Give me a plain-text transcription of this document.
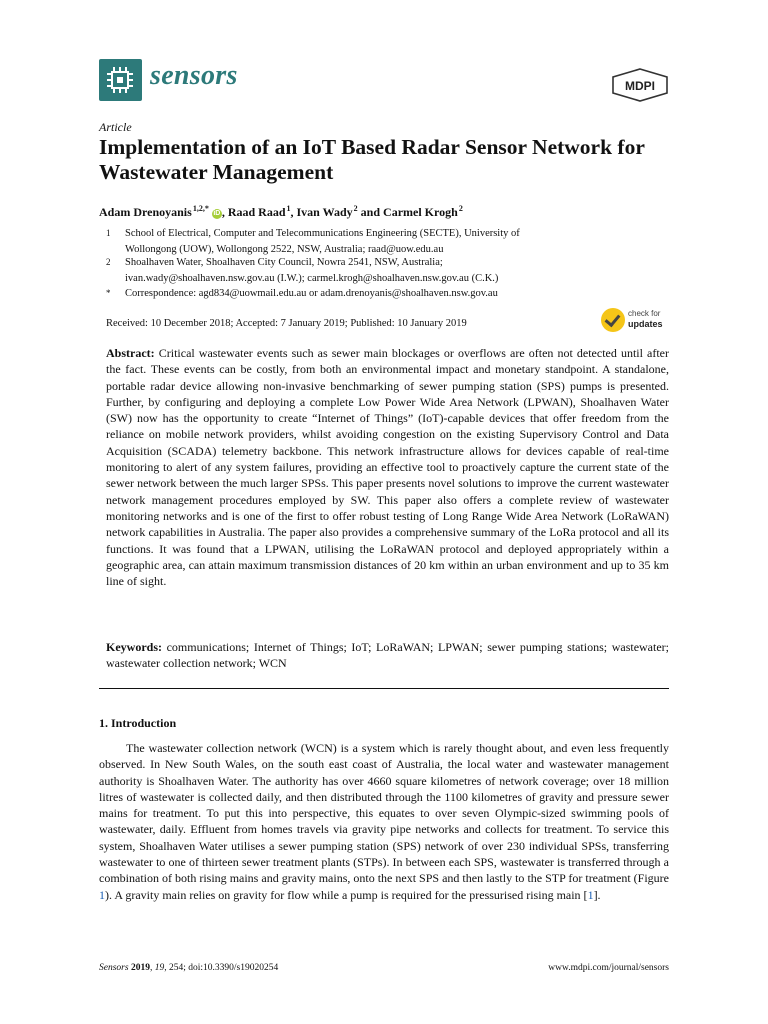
sensors	MDPI
Article
Implementation of an IoT Based Radar Sensor Network for Wastewater Management
Adam Drenoyanis $^{1,2,*}$ iD , Raad Raad $^1$, Ivan Wady $^2$ and Carmel Krogh $^2$
1 School of Electrical, Computer and Telecommunications Engineering (SECTE), University of
Wollongong (UOW), Wollongong 2522, NSW, Australia; raad@uow.edu.au
2 Shoalhaven Water, Shoalhaven City Council, Nowra 2541, NSW, Australia;
ivan.wady@shoalhaven.nsw.gov.au (I.W.); carmel.krogh@shoalhaven.nsw.gov.au (C.K.)
* Correspondence: agd834@uowmail.edu.au or adam.drenoyanis@shoalhaven.nsw.gov.au
Received: 10 December 2018; Accepted: 7 January 2019; Published: 10 January 2019
check for
updates
Abstract: Critical wastewater events such as sewer main blockages or overflows are often not detected until after the fact. These events can be costly, from both an environmental impact and monetary standpoint. A standalone, portable radar device allowing non-invasive benchmarking of sewer pumping station (SPS) pumps is presented. Further, by configuring and deploying a complete Low Power Wide Area Network (LPWAN), Shoalhaven Water (SW) now has the opportunity to create “Internet of Things” (IoT)-capable devices that offer freedom from the reliance on mobile network providers, whilst avoiding congestion on the existing Supervisory Control and Data Acquisition (SCADA) telemetry backbone. This network infrastructure allows for devices capable of real-time monitoring to alert of any system failures, providing an effective tool to proactively capture the current state of the sewer network between the much larger SPSs. This paper presents novel solutions to improve the current wastewater network management procedures employed by SW. This paper also offers a complete review of wastewater monitoring networks and is one of the first to offer robust testing of Long Range Wide Area Network (LoRaWAN) network capabilities in Australia. The paper also provides a comprehensive summary of the LoRa protocol and all its functions. It was found that a LPWAN, utilising the LoRaWAN protocol and deployed appropriately within a geographic area, can attain maximum transmission distances of 20 km within an urban environment and up to 35 km line of sight.
Keywords: communications; Internet of Things; IoT; LoRaWAN; LPWAN; sewer pumping stations; wastewater; wastewater collection network; WCN
1. Introduction
The wastewater collection network (WCN) is a system which is rarely thought about, and even less frequently observed. In New South Wales, on the south east coast of Australia, the local water and wastewater management authority is Shoalhaven Water. The authority has over 4660 square kilometres of network coverage; over 18 million litres of wastewater is collected daily, and then distributed through the 1100 kilometres of gravity and pressure sewer mains for treatment. To put this into perspective, this equates to over seven Olympic-sized swimming pools of wastewater, daily. Effluent from homes travels via gravity pipe networks and collects for treatment. To service this system, Shoalhaven Water utilises a sewer pumping station (SPS) network of over 230 individual SPSs, transferring wastewater to one of thirteen sewer treatment plants (STPs). In between each SPS, wastewater is transferred through a combination of both rising mains and gravity mains, onto the next SPS and then lastly to the STP for treatment (Figure 1). A gravity main relies on gravity for flow while a pump is required for the pressurised rising main [1].
Sensors 2019, 19, 254; doi:10.3390/s19020254	www.mdpi.com/journal/sensors
